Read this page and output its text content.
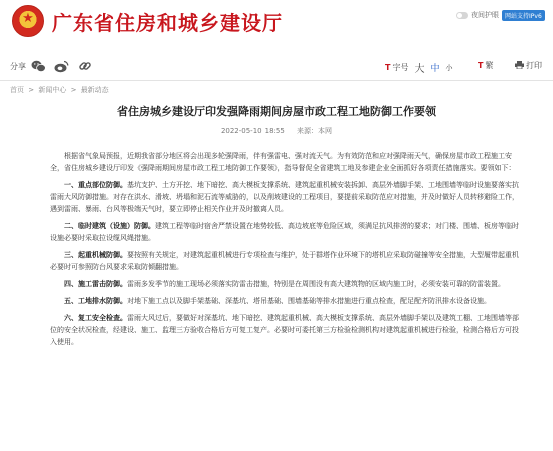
★
广东省住房和城乡建设厅	夜间护眼	网站支持IPv6
分享	T 字号 大 中 小	T 繁	打印
首页 > 新闻中心 > 最新动态
省住房城乡建设厅印发强降雨期间房屋市政工程工地防御工作要领
2022-05-10 18:55 来源：本网

根据省气象局预报，近期我省部分地区将会出现多轮强降雨，伴有强雷电、强对流天气。为有效防范和应对强降雨天气，确保房屋市政工程施工安全，省住房城乡建设厅印发《强降雨期间房屋市政工程工地防御工作要领》，指导督促全省建筑工地及参建企业全面抓好各项责任措施落实。要领如下：

一、重点部位防御。基坑支护、土方开挖、地下暗挖、高大模板支撑系统、建筑起重机械安装拆卸、高层外墙脚手架、工地围墙等临时设施要落实抗雷雨大风防御措施。对存在洪水、滑坡、坍塌和泥石流等威胁的，以及削坡建设的工程项目，要提前采取防范应对措施，并及时做好人员转移避险工作，遇到雷雨、暴雨、台风等极端天气时，要立即停止相关作业并及时撤离人员。

二、临时建筑（设施）防御。建筑工程等临时宿舍严禁设置在地势较低、高边坡底等危险区域，须满足抗风排涝的要求；对门楼、围墙、板房等临时设施必要时采取拉设缆风绳措施。

三、起重机械防御。要按照有关规定，对建筑起重机械进行专项检查与维护，处于群塔作业环境下的塔机应采取防碰撞等安全措施，大型履带起重机必要时可参照防台风要求采取防倾翻措施。

四、施工雷击防御。雷雨多发季节的施工现场必须落实防雷击措施，特别是在周围没有高大建筑物的区域内施工时，必须安装可靠的防雷装置。

五、工地排水防御。对地下施工点以及脚手架基础、深基坑、塔吊基础、围墙基础等排水措施进行重点检查，配足配齐防汛排水设备设施。

六、复工安全检查。雷雨大风过后，要做好对深基坑、地下暗挖、建筑起重机械、高大模板支撑系统、高层外墙脚手架以及建筑工棚、工地围墙等部位的安全状况检查，经建设、施工、监理三方验收合格后方可复工复产。必要时可委托第三方检验检测机构对建筑起重机械进行检验，检测合格后方可投入使用。
